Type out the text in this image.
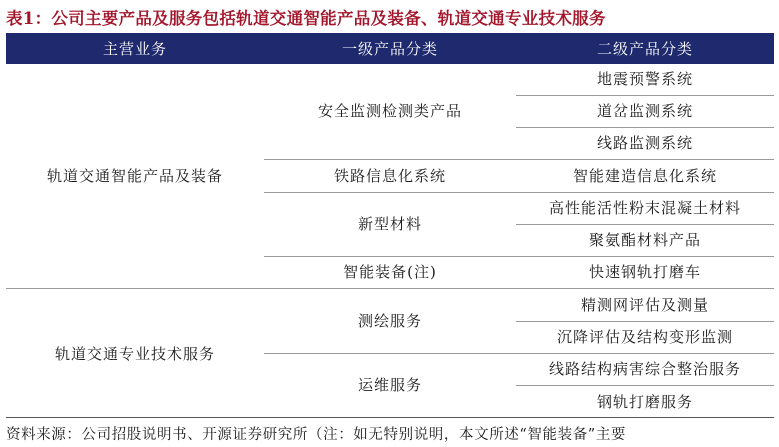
表1：公司主要产品及服务包括轨道交通智能产品及装备、轨道交通专业技术服务
主营业务	一级产品分类	二级产品分类
轨道交通智能产品及装备
轨道交通专业技术服务
安全监测检测类产品
铁路信息化系统
新型材料
智能装备(注)
测绘服务
运维服务
地震预警系统
道岔监测系统
线路监测系统
智能建造信息化系统
高性能活性粉末混凝土材料
聚氨酯材料产品
快速钢轨打磨车
精测网评估及测量
沉降评估及结构变形监测
线路结构病害综合整治服务
钢轨打磨服务
资料来源：公司招股说明书、开源证券研究所（注：如无特别说明，本文所述“智能装备”主要
